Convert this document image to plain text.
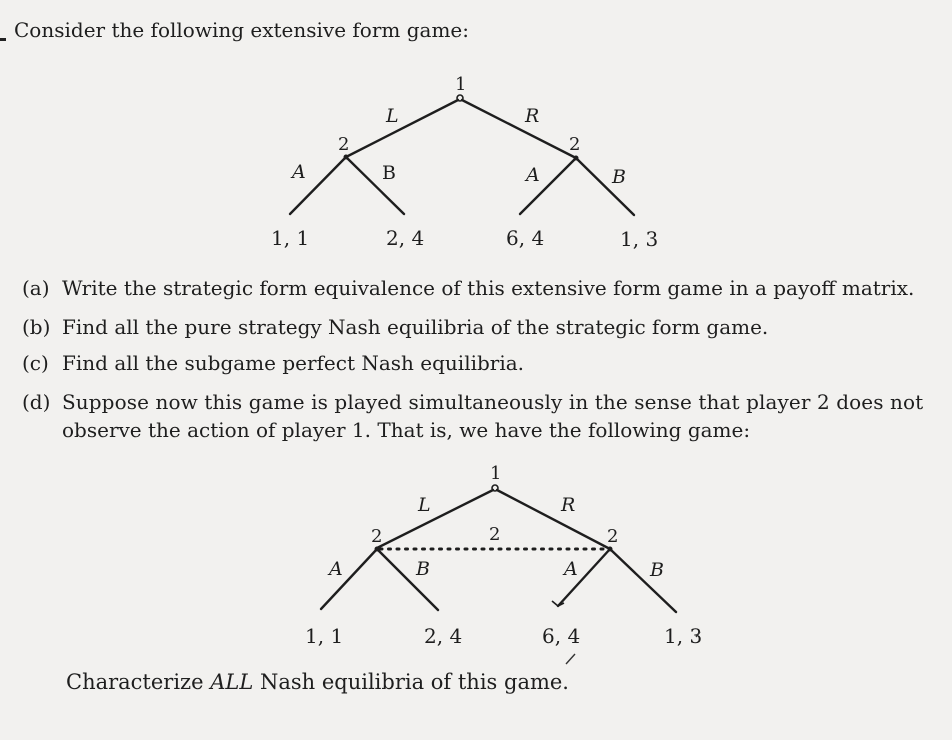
Consider the following extensive form game:
1
L	R
2
A	B
2
A	B
1, 1	2, 4	6, 4	1, 3
1
L	R
2
2
A	B
2
A	B
1, 1	2, 4	6, 4	1, 3
(a) Write the strategic form equivalence of this extensive form game in a payoff matrix.
(b) Find all the pure strategy Nash equilibria of the strategic form game.
(c) Find all the subgame perfect Nash equilibria.
(d) Suppose now this game is played simultaneously in the sense that player 2 does not
observe the action of player 1. That is, we have the following game:
Characterize ALL Nash equilibria of this game.
